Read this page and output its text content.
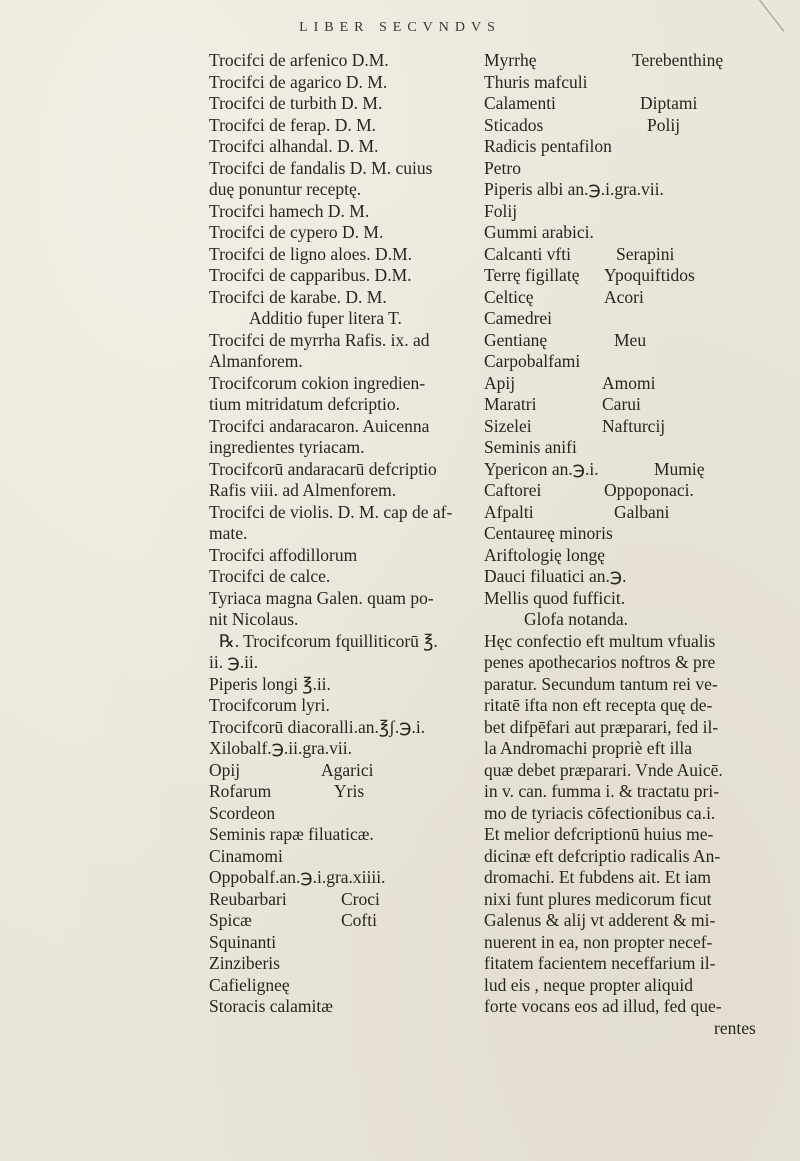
LIBER SECVNDVS
Trocifci de arfenico D.M.
Trocifci de agarico D. M.
Trocifci de turbith D. M.
Trocifci de ferap. D. M.
Trocifci alhandal. D. M.
Trocifci de fandalis D. M. cuius
duę ponuntur receptę.
Trocifci hamech D. M.
Trocifci de cypero D. M.
Trocifci de ligno aloes. D.M.
Trocifci de capparibus. D.M.
Trocifci de karabe. D. M.
Additio fuper litera T.
Trocifci de myrrha Rafis. ix. ad
Almanforem.
Trocifcorum cokion ingredien-
tium mitridatum defcriptio.
Trocifci andaracaron. Auicenna
ingredientes tyriacam.
Trocifcorū andaracarū defcriptio
Rafis viii. ad Almenforem.
Trocifci de violis. D. M. cap de af-
mate.
Trocifci affodillorum
Trocifci de calce.
Tyriaca magna Galen. quam po-
nit Nicolaus.
℞. Trocifcorum fquilliticorū ℥.
ii. ℈.ii.
Piperis longi ℥.ii.
Trocifcorum lyri.
Trocifcorū diacoralli.an.℥ʃ.℈.i.
Xilobalf.℈.ii.gra.vii.
Opij	Agarici
Rofarum	Yris
Scordeon
Seminis rapæ filuaticæ.
Cinamomi
Oppobalf.an.℈.i.gra.xiiii.
Reubarbari	Croci
Spicæ	Cofti
Squinanti
Zinziberis
Cafieligneę
Storacis calamitæ
Myrrhę	Terebenthinę
Thuris mafculi
Calamenti	Diptami
Sticados	Polij
Radicis pentafilon
Petro
Piperis albi an.℈.i.gra.vii.
Folij
Gummi arabici.
Calcanti vfti	Serapini
Terrę figillatę Ypoquiftidos
Celticę	Acori
Camedrei
Gentianę	Meu
Carpobalfami
Apij	Amomi
Maratri	Carui
Sizelei	Nafturcij
Seminis anifi
Ypericon an.℈.i.	Mumię
Caftorei	Oppoponaci.
Afpalti	Galbani
Centaureę minoris
Ariftologię longę
Dauci filuatici an.℈.
Mellis quod fufficit.
Glofa notanda.
Hęc confectio eft multum vfualis
penes apothecarios noftros & pre
paratur. Secundum tantum rei ve-
ritatē ifta non eft recepta quę de-
bet difpēfari aut præparari, fed il-
la Andromachi propriè eft illa
quæ debet præparari. Vnde Auicē.
in v. can. fumma i. & tractatu pri-
mo de tyriacis cōfectionibus ca.i.
Et melior defcriptionū huius me-
dicinæ eft defcriptio radicalis An-
dromachi. Et fubdens ait. Et iam
nixi funt plures medicorum ficut
Galenus & alij vt adderent & mi-
nuerent in ea, non propter necef-
fitatem facientem neceffarium il-
lud eis , neque propter aliquid
forte vocans eos ad illud, fed que-
rentes
